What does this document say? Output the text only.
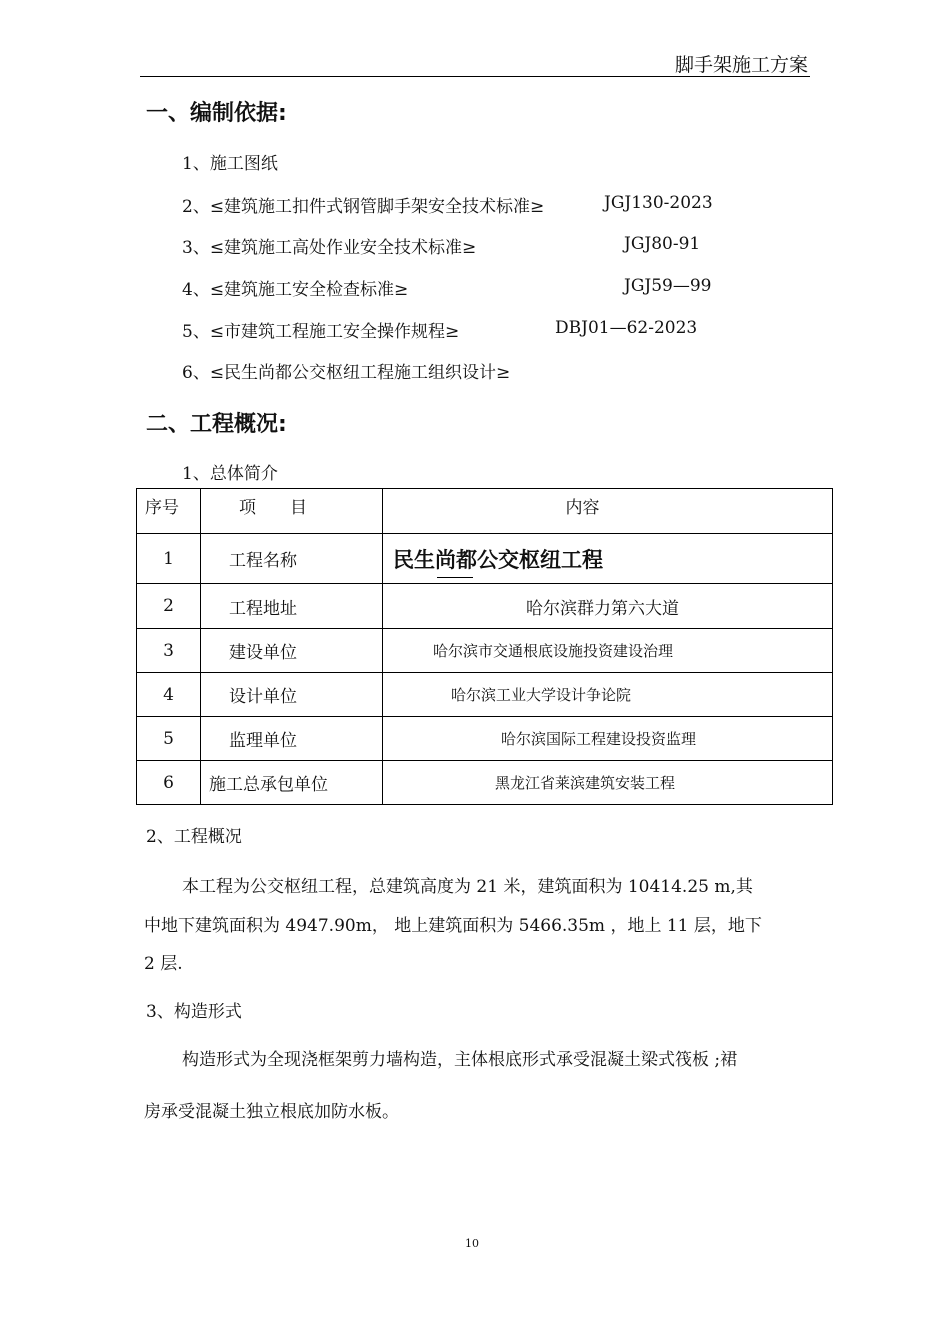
脚手架施工方案
一、编制依据:
1、施工图纸
2、≤建筑施工扣件式钢管脚手架安全技术标准≥	JGJ130-2023
3、≤建筑施工高处作业安全技术标准≥	JGJ80-91
4、≤建筑施工安全检查标准≥	JGJ59—99
5、≤市建筑工程施工安全操作规程≥	DBJ01—62-2023
6、≤民生尚都公交枢纽工程施工组织设计≥
二、工程概况:
1、总体简介
序号	项　　目	内容
1	工程名称	民生尚都公交枢纽工程

2	工程地址	哈尔滨群力第六大道
3	建设单位	哈尔滨市交通根底设施投资建设治理
4	设计单位	哈尔滨工业大学设计争论院
5	监理单位	哈尔滨国际工程建设投资监理
6	施工总承包单位	黑龙江省莱滨建筑安装工程
2、工程概况
本工程为公交枢纽工程，总建筑高度为 21 米，建筑面积为 10414.25 m,其
中地下建筑面积为 4947.90m， 地上建筑面积为 5466.35m ，地上 11 层，地下
2 层.
3、构造形式
构造形式为全现浇框架剪力墙构造，主体根底形式承受混凝土梁式筏板 ;裙
房承受混凝土独立根底加防水板。
10
